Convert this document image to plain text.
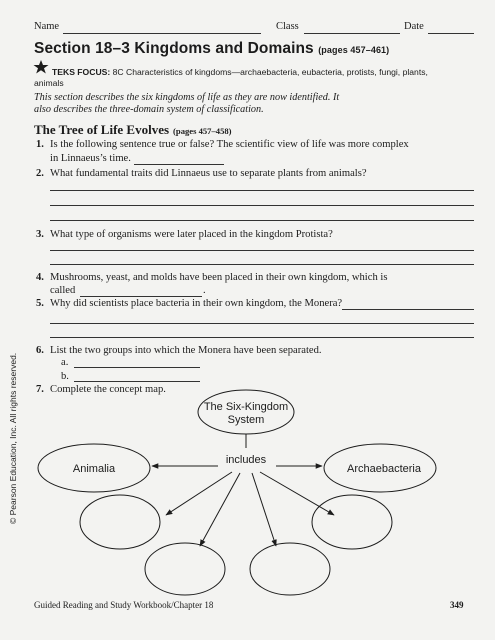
Name	Class	Date
Section 18–3 Kingdoms and Domains (pages 457–461)
TEKS FOCUS: 8C Characteristics of kingdoms—archaebacteria, eubacteria, protists, fungi, plants,
animals
This section describes the six kingdoms of life as they are now identified. It
also describes the three-domain system of classification.
The Tree of Life Evolves (pages 457–458)
1. Is the following sentence true or false? The scientific view of life was more complex
in Linnaeus’s time.
2. What fundamental traits did Linnaeus use to separate plants from animals?
3. What type of organisms were later placed in the kingdom Protista?
4. Mushrooms, yeast, and molds have been placed in their own kingdom, which is
called	.
5. Why did scientists place bacteria in their own kingdom, the Monera?
6. List the two groups into which the Monera have been separated.
a.
b.
7. Complete the concept map.
The Six-Kingdom
System
includes
Animalia	Archaebacteria
© Pearson Education, Inc. All rights reserved.
Guided Reading and Study Workbook/Chapter 18	349
